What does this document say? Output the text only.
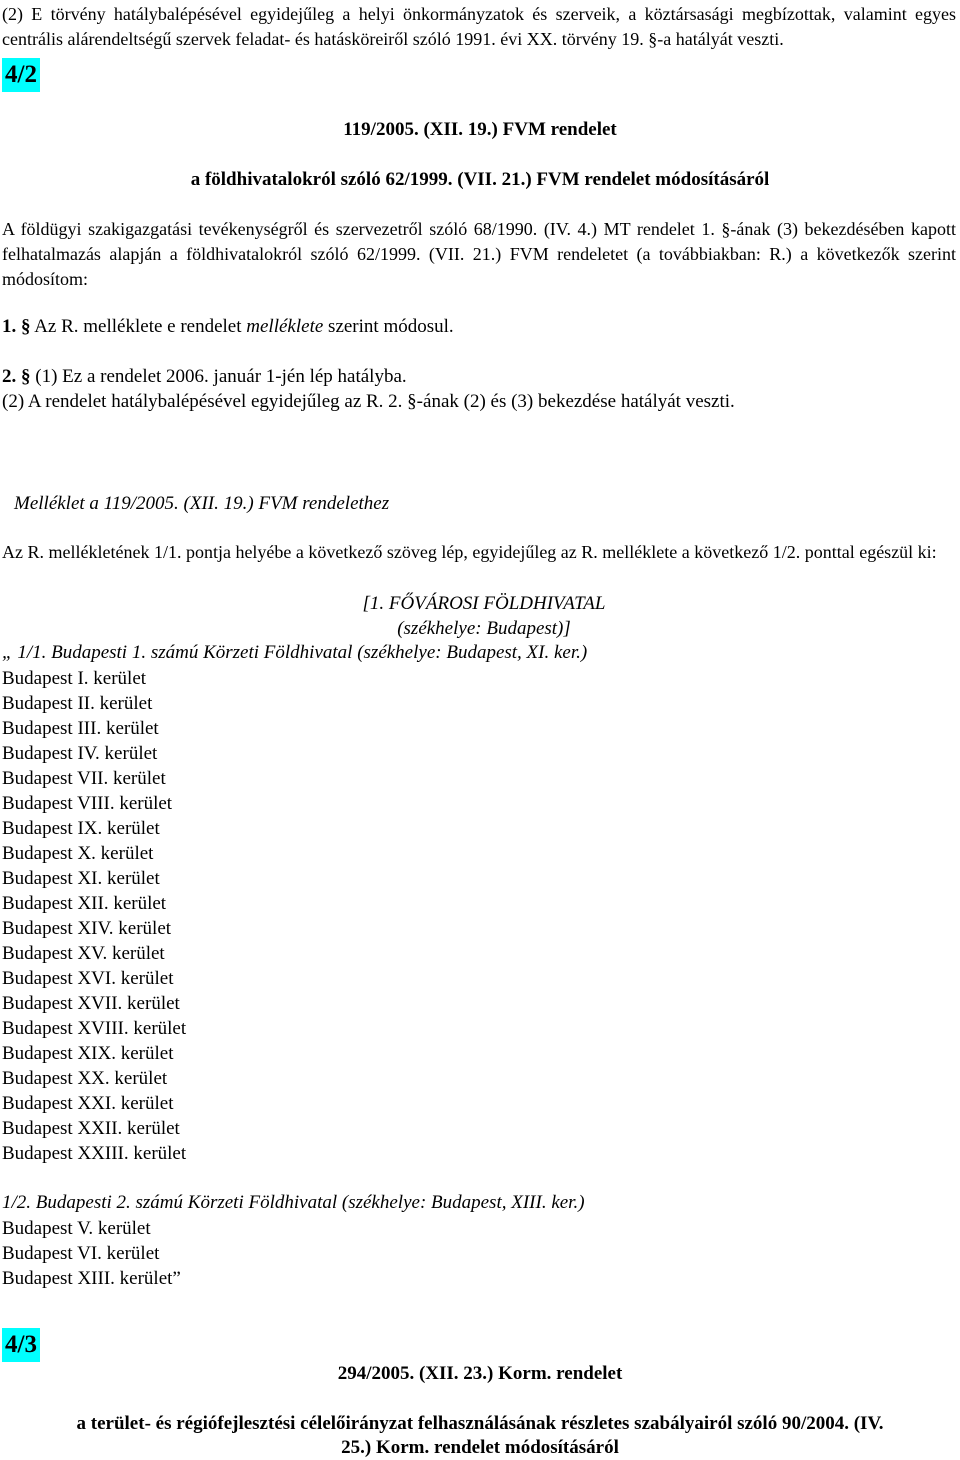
(2) E törvény hatálybalépésével egyidejűleg a helyi önkormányzatok és szerveik, a köztársasági megbízottak, valamint egyes centrális alárendeltségű szervek feladat- és hatásköreiről szóló 1991. évi XX. törvény 19. §-a hatályát veszti.
4/2
119/2005. (XII. 19.) FVM rendelet
a földhivatalokról szóló 62/1999. (VII. 21.) FVM rendelet módosításáról
A földügyi szakigazgatási tevékenységről és szervezetről szóló 68/1990. (IV. 4.) MT rendelet 1. §-ának (3) bekezdésében kapott felhatalmazás alapján a földhivatalokról szóló 62/1999. (VII. 21.) FVM rendeletet (a továbbiakban: R.) a következők szerint módosítom:
1. § Az R. melléklete e rendelet melléklete szerint módosul.
2. § (1) Ez a rendelet 2006. január 1-jén lép hatályba.
(2) A rendelet hatálybalépésével egyidejűleg az R. 2. §-ának (2) és (3) bekezdése hatályát veszti.
Melléklet a 119/2005. (XII. 19.) FVM rendelethez
Az R. mellékletének 1/1. pontja helyébe a következő szöveg lép, egyidejűleg az R. melléklete a következő 1/2. ponttal egészül ki:
[1. FŐVÁROSI FÖLDHIVATAL
(székhelye: Budapest)]
„ 1/1. Budapesti 1. számú Körzeti Földhivatal (székhelye: Budapest, XI. ker.)
Budapest I. kerület
Budapest II. kerület
Budapest III. kerület
Budapest IV. kerület
Budapest VII. kerület
Budapest VIII. kerület
Budapest IX. kerület
Budapest X. kerület
Budapest XI. kerület
Budapest XII. kerület
Budapest XIV. kerület
Budapest XV. kerület
Budapest XVI. kerület
Budapest XVII. kerület
Budapest XVIII. kerület
Budapest XIX. kerület
Budapest XX. kerület
Budapest XXI. kerület
Budapest XXII. kerület
Budapest XXIII. kerület
1/2. Budapesti 2. számú Körzeti Földhivatal (székhelye: Budapest, XIII. ker.)
Budapest V. kerület
Budapest VI. kerület
Budapest XIII. kerület”
4/3
294/2005. (XII. 23.) Korm. rendelet
a terület- és régiófejlesztési célelőirányzat felhasználásának részletes szabályairól szóló 90/2004. (IV.
25.) Korm. rendelet módosításáról
